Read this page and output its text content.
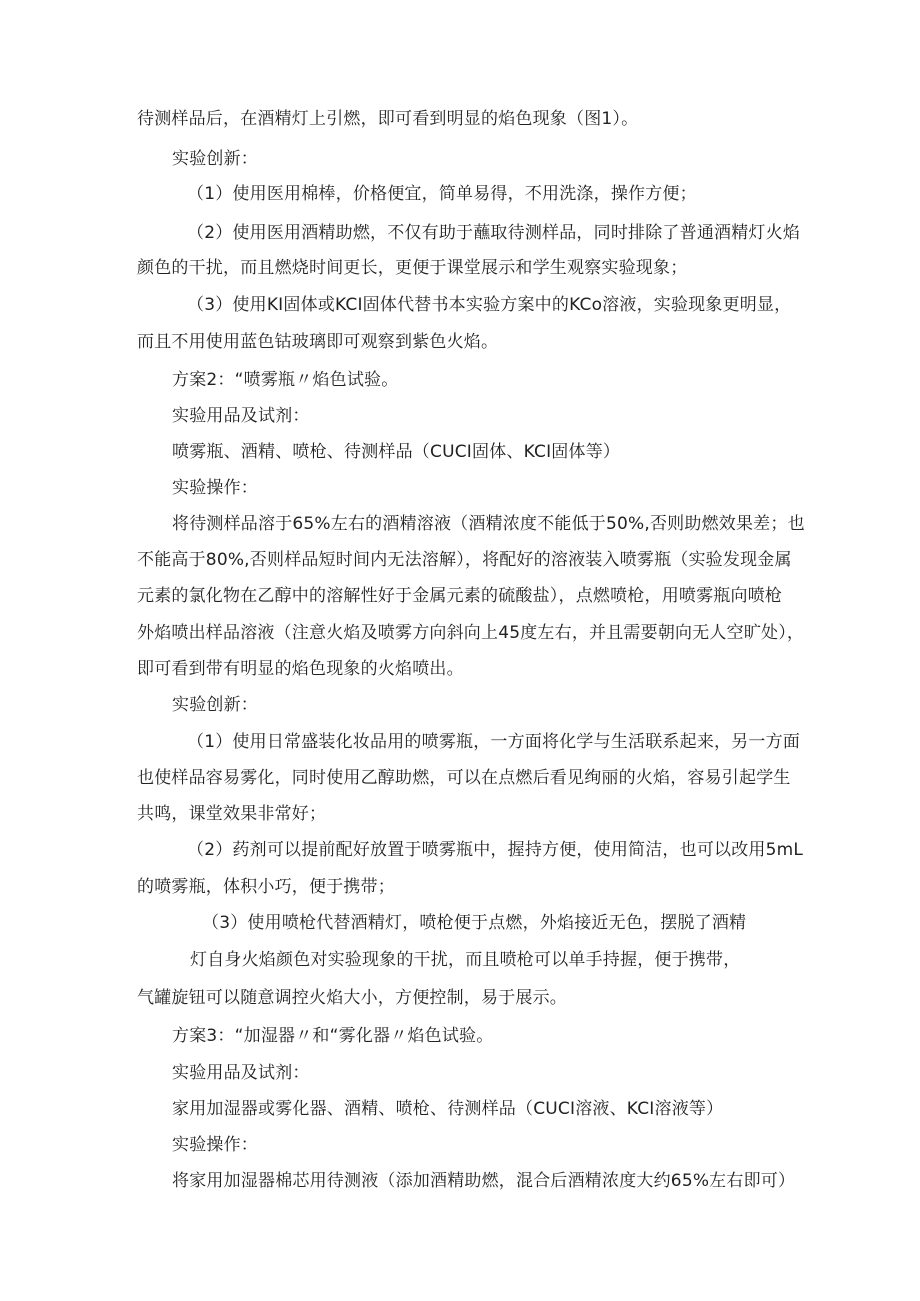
待测样品后，在酒精灯上引燃，即可看到明显的焰色现象（图1）。
实验创新：
（1）使用医用棉棒，价格便宜，简单易得，不用洗涤，操作方便；
（2）使用医用酒精助燃，不仅有助于蘸取待测样品，同时排除了普通酒精灯火焰
颜色的干扰，而且燃烧时间更长，更便于课堂展示和学生观察实验现象；
（3）使用KI固体或KCI固体代替书本实验方案中的KCo溶液，实验现象更明显，
而且不用使用蓝色钴玻璃即可观察到紫色火焰。
方案2：“喷雾瓶〃焰色试验。
实验用品及试剂：
喷雾瓶、酒精、喷枪、待测样品（CUCI固体、KCI固体等）
实验操作：
将待测样品溶于65%左右的酒精溶液（酒精浓度不能低于50%,否则助燃效果差；也
不能高于80%,否则样品短时间内无法溶解），将配好的溶液装入喷雾瓶（实验发现金属
元素的氯化物在乙醇中的溶解性好于金属元素的硫酸盐），点燃喷枪，用喷雾瓶向喷枪
外焰喷出样品溶液（注意火焰及喷雾方向斜向上45度左右，并且需要朝向无人空旷处），
即可看到带有明显的焰色现象的火焰喷出。
实验创新：
（1）使用日常盛装化妆品用的喷雾瓶，一方面将化学与生活联系起来，另一方面
也使样品容易雾化，同时使用乙醇助燃，可以在点燃后看见绚丽的火焰，容易引起学生
共鸣，课堂效果非常好；
（2）药剂可以提前配好放置于喷雾瓶中，握持方便，使用简洁，也可以改用5mL
的喷雾瓶，体积小巧，便于携带；
（3）使用喷枪代替酒精灯，喷枪便于点燃，外焰接近无色，摆脱了酒精
灯自身火焰颜色对实验现象的干扰，而且喷枪可以单手持握，便于携带，
气罐旋钮可以随意调控火焰大小，方便控制，易于展示。
方案3：“加湿器〃和“雾化器〃焰色试验。
实验用品及试剂：
家用加湿器或雾化器、酒精、喷枪、待测样品（CUCI溶液、KCI溶液等）
实验操作：
将家用加湿器棉芯用待测液（添加酒精助燃，混合后酒精浓度大约65%左右即可）
